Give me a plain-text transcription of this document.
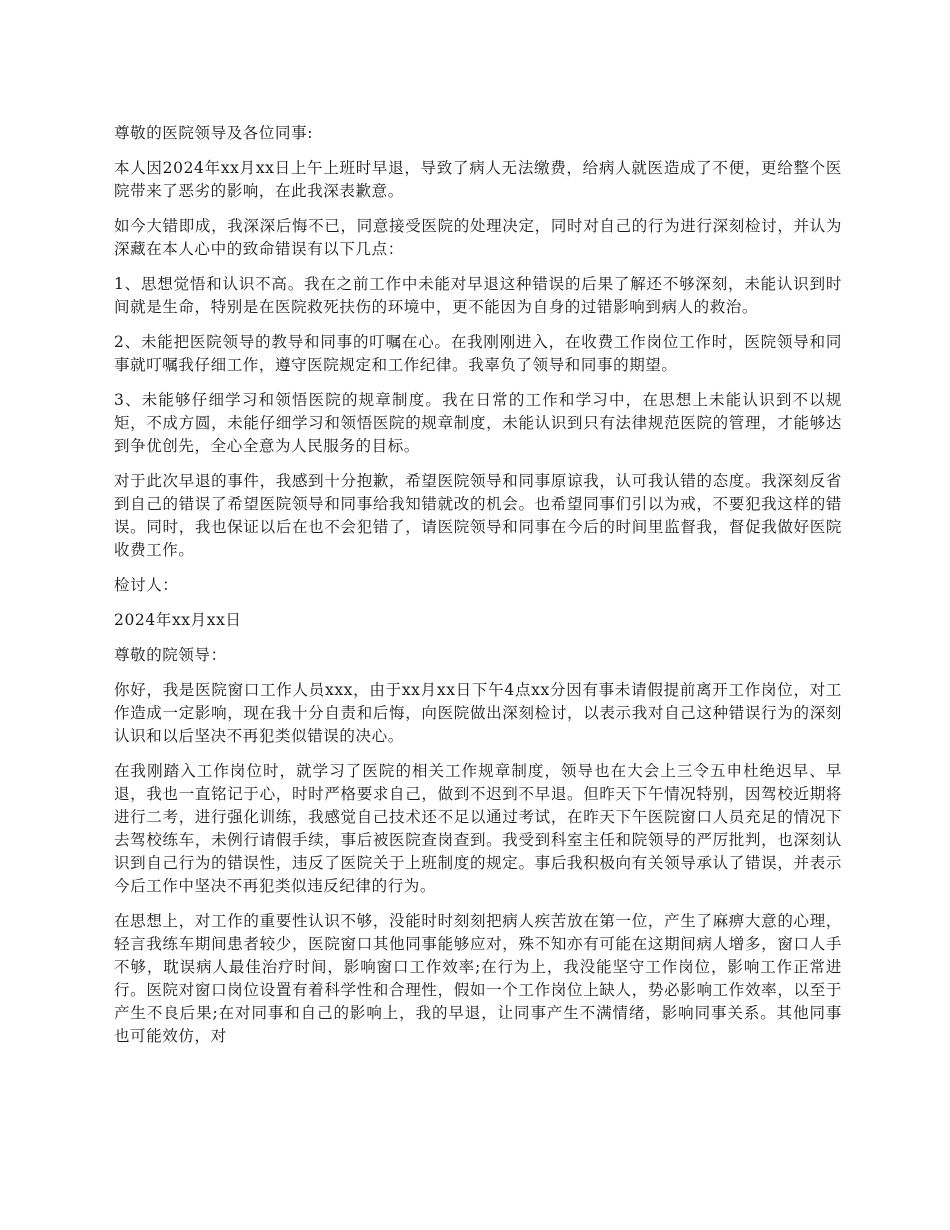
尊敬的医院领导及各位同事:

本人因2024年xx月xx日上午上班时早退，导致了病人无法缴费，给病人就医造成了不便，更给整个医院带来了恶劣的影响，在此我深表歉意。

如今大错即成，我深深后悔不已，同意接受医院的处理决定，同时对自己的行为进行深刻检讨，并认为深藏在本人心中的致命错误有以下几点：

1、思想觉悟和认识不高。我在之前工作中未能对早退这种错误的后果了解还不够深刻，未能认识到时间就是生命，特别是在医院救死扶伤的环境中，更不能因为自身的过错影响到病人的救治。

2、未能把医院领导的教导和同事的叮嘱在心。在我刚刚进入，在收费工作岗位工作时，医院领导和同事就叮嘱我仔细工作，遵守医院规定和工作纪律。我辜负了领导和同事的期望。

3、未能够仔细学习和领悟医院的规章制度。我在日常的工作和学习中，在思想上未能认识到不以规矩，不成方圆，未能仔细学习和领悟医院的规章制度，未能认识到只有法律规范医院的管理，才能够达到争优创先，全心全意为人民服务的目标。

对于此次早退的事件，我感到十分抱歉，希望医院领导和同事原谅我，认可我认错的态度。我深刻反省到自己的错误了希望医院领导和同事给我知错就改的机会。也希望同事们引以为戒，不要犯我这样的错误。同时，我也保证以后在也不会犯错了，请医院领导和同事在今后的时间里监督我，督促我做好医院收费工作。

检讨人：

2024年xx月xx日

尊敬的院领导：

你好，我是医院窗口工作人员xxx，由于xx月xx日下午4点xx分因有事未请假提前离开工作岗位，对工作造成一定影响，现在我十分自责和后悔，向医院做出深刻检讨，以表示我对自己这种错误行为的深刻认识和以后坚决不再犯类似错误的决心。

在我刚踏入工作岗位时，就学习了医院的相关工作规章制度，领导也在大会上三令五申杜绝迟早、早退，我也一直铭记于心，时时严格要求自己，做到不迟到不早退。但昨天下午情况特别，因驾校近期将进行二考，进行强化训练，我感觉自己技术还不足以通过考试，在昨天下午医院窗口人员充足的情况下去驾校练车，未例行请假手续，事后被医院查岗查到。我受到科室主任和院领导的严厉批判，也深刻认识到自己行为的错误性，违反了医院关于上班制度的规定。事后我积极向有关领导承认了错误，并表示今后工作中坚决不再犯类似违反纪律的行为。

在思想上，对工作的重要性认识不够，没能时时刻刻把病人疾苦放在第一位，产生了麻痹大意的心理，轻言我练车期间患者较少，医院窗口其他同事能够应对，殊不知亦有可能在这期间病人增多，窗口人手不够，耽误病人最佳治疗时间，影响窗口工作效率;在行为上，我没能坚守工作岗位，影响工作正常进行。医院对窗口岗位设置有着科学性和合理性，假如一个工作岗位上缺人，势必影响工作效率，以至于产生不良后果;在对同事和自己的影响上，我的早退，让同事产生不满情绪，影响同事关系。其他同事也可能效仿，对
